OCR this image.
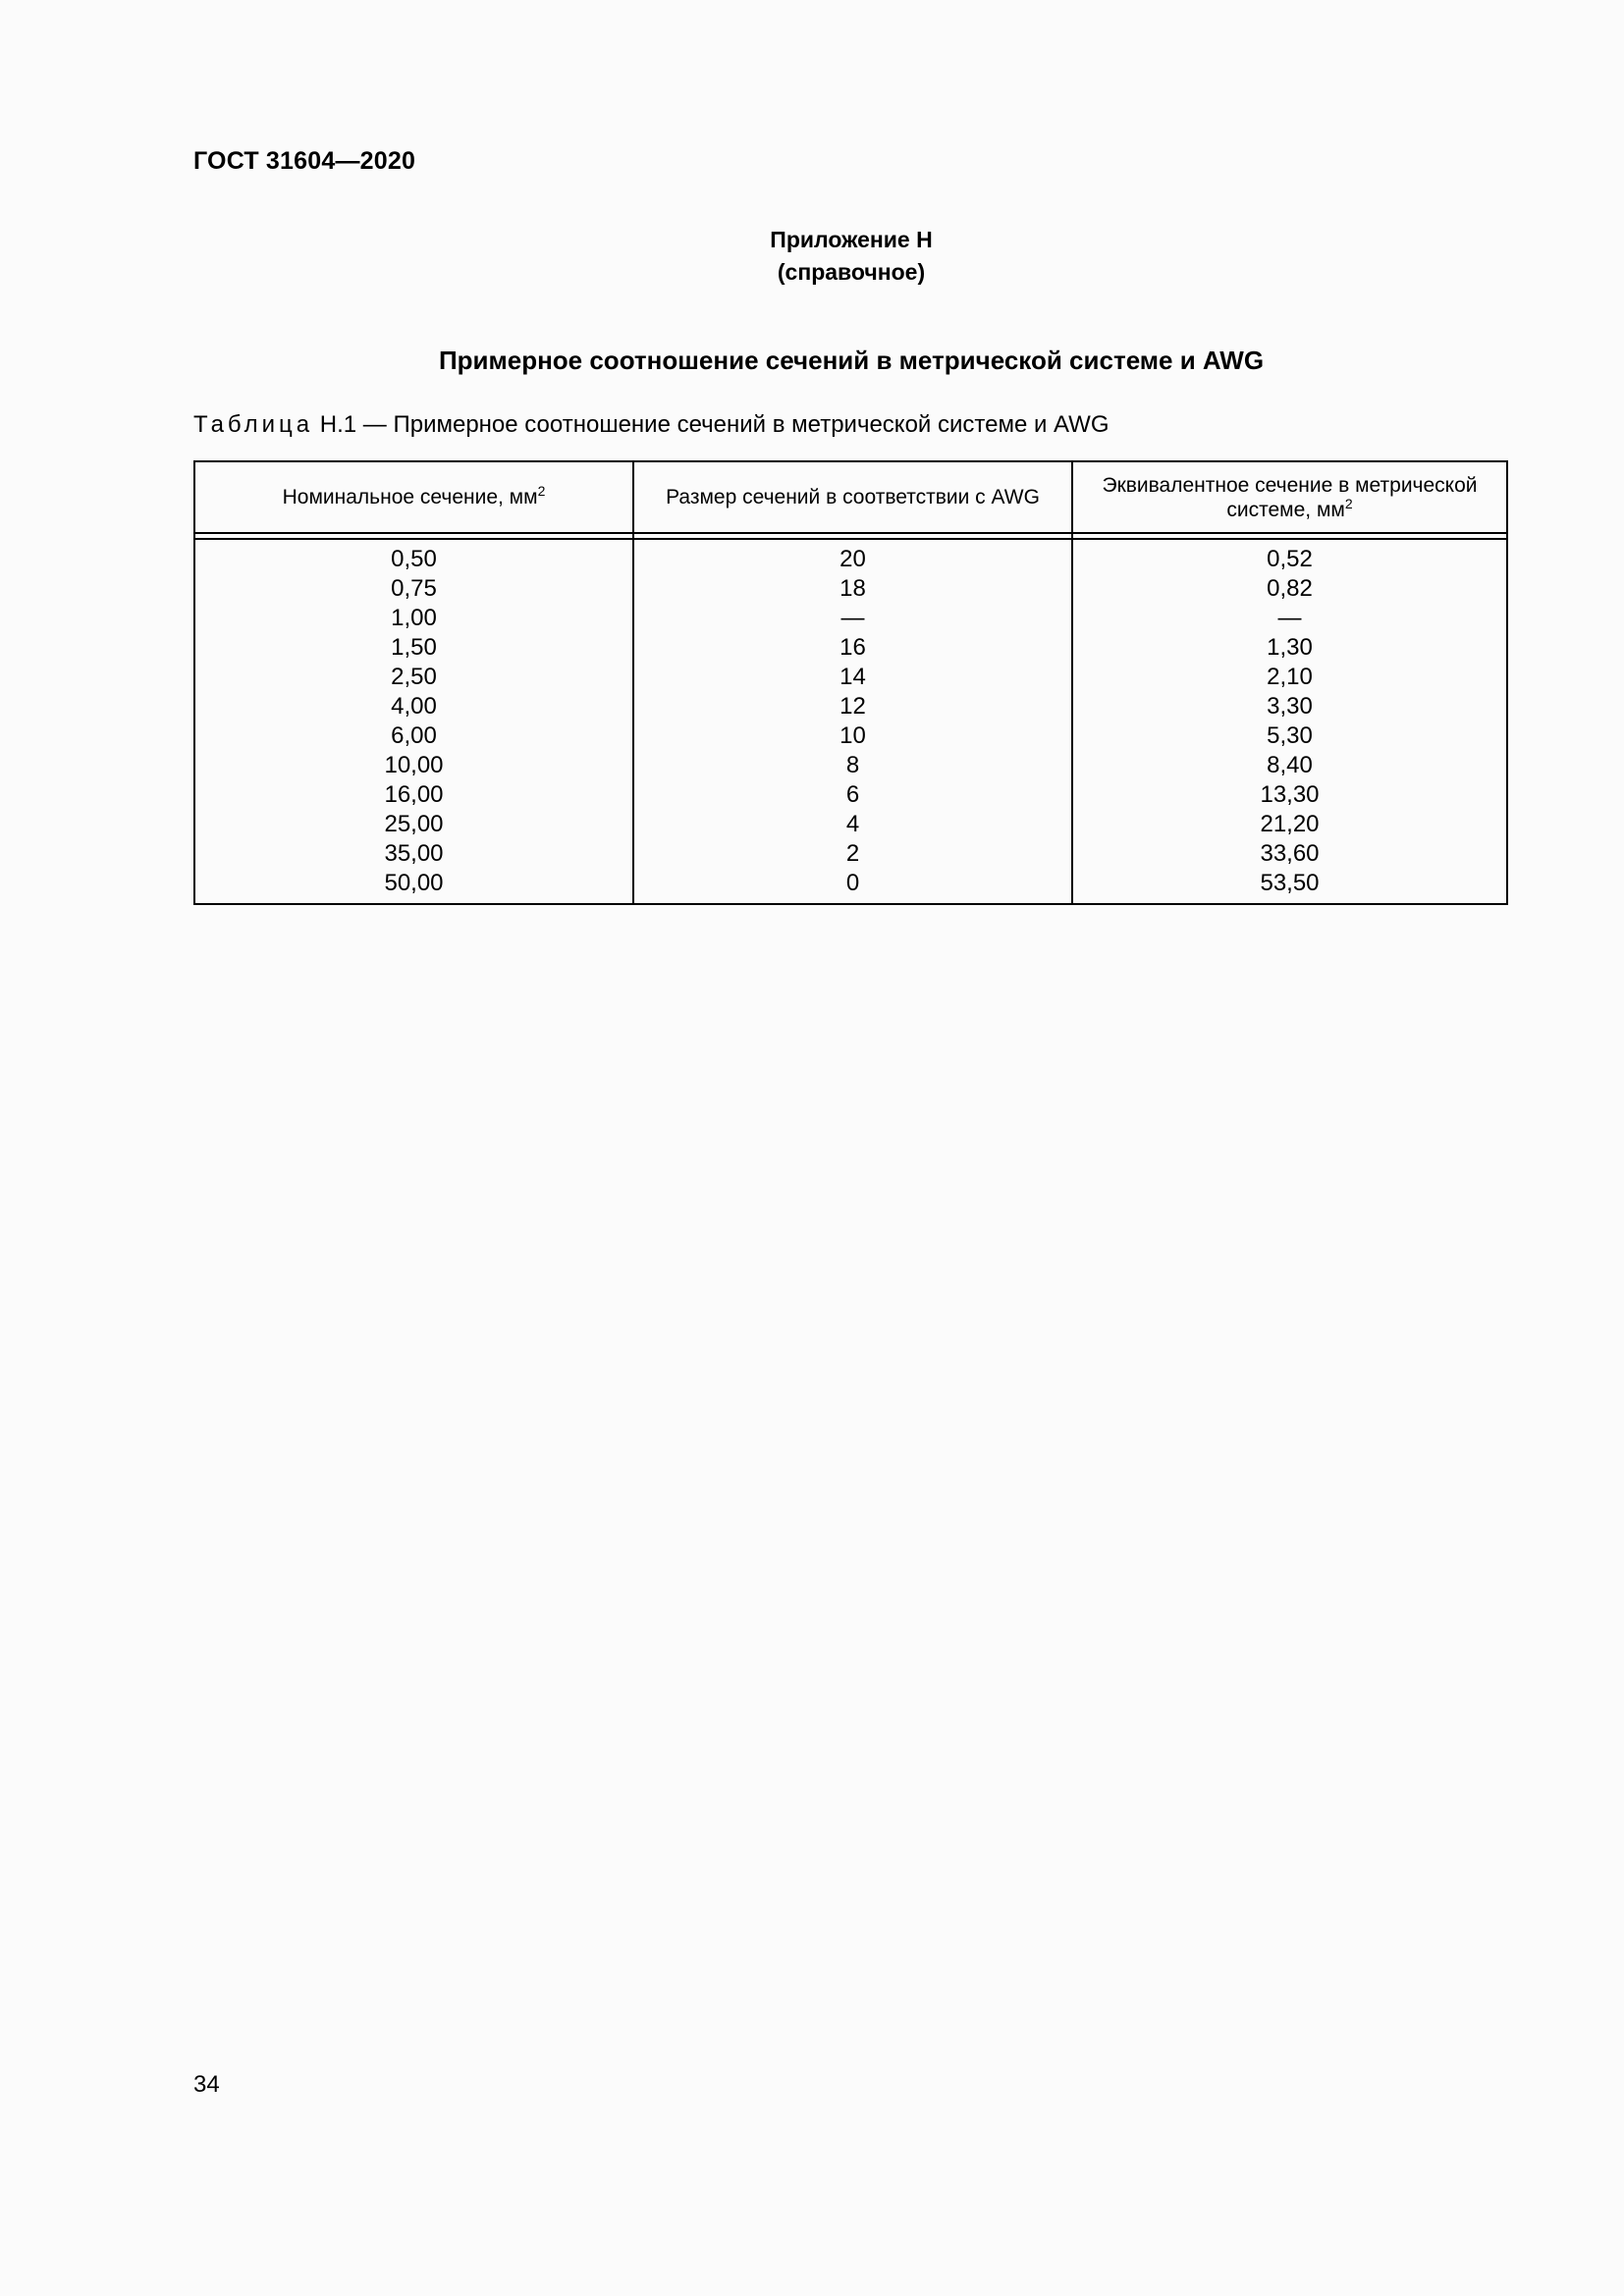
ГОСТ 31604—2020
Приложение Н
(справочное)
Примерное соотношение сечений в метрической системе и AWG
Таблица Н.1 — Примерное соотношение сечений в метрической системе и AWG
Номинальное сечение, $мм^2$	Размер сечений в соответствии с AWG
Эквивалентное сечение в метрической системе, $мм^2$
0,50
0,75
1,00
1,50
2,50
4,00
6,00
10,00
16,00
25,00
35,00
50,00
20
18
—
16
14
12
10
8
6
4
2
0
0,52
0,82
—
1,30
2,10
3,30
5,30
8,40
13,30
21,20
33,60
53,50
34
